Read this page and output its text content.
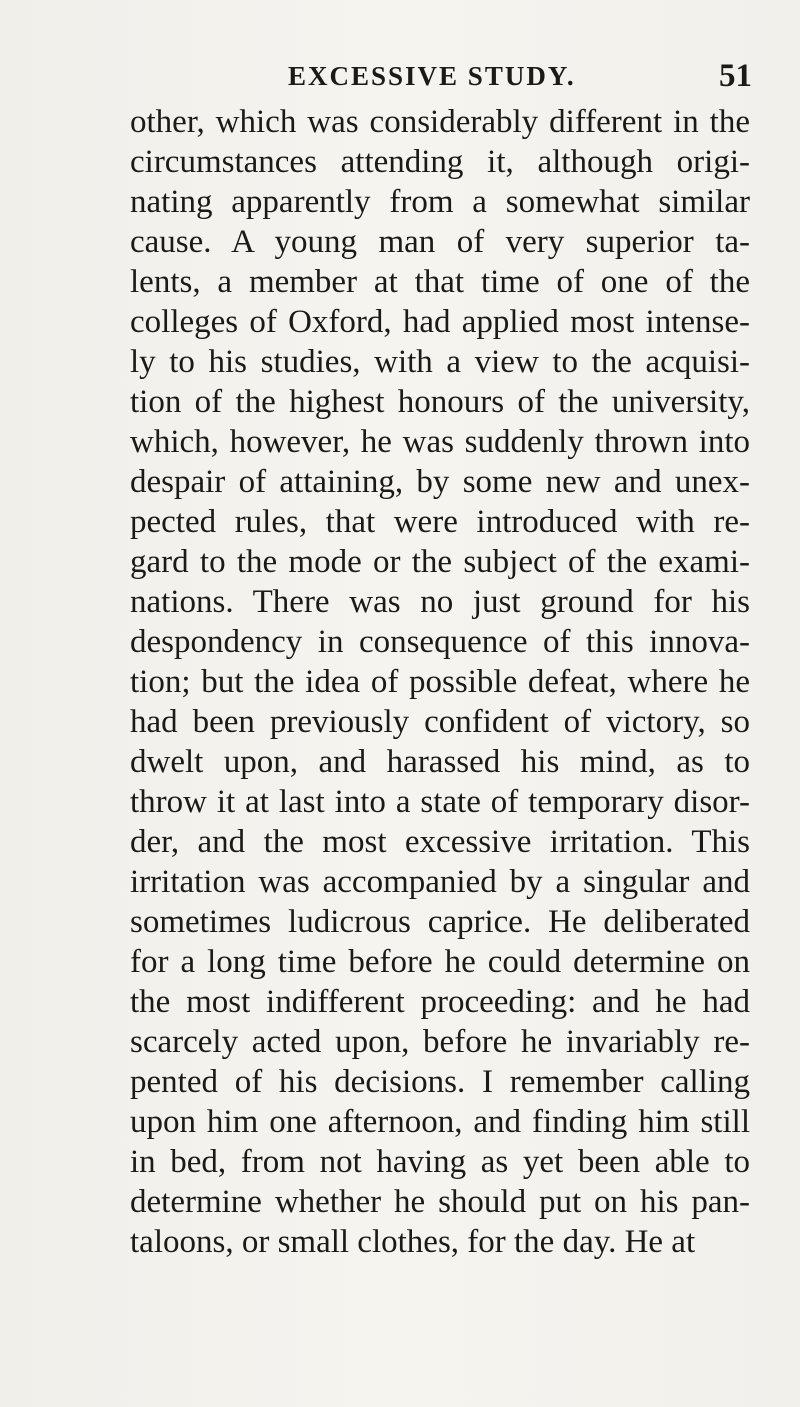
EXCESSIVE STUDY.	51
other, which was considerably different in the
circumstances attending it, although origi-
nating apparently from a somewhat similar
cause. A young man of very superior ta-
lents, a member at that time of one of the
colleges of Oxford, had applied most intense-
ly to his studies, with a view to the acquisi-
tion of the highest honours of the university,
which, however, he was suddenly thrown into
despair of attaining, by some new and unex-
pected rules, that were introduced with re-
gard to the mode or the subject of the exami-
nations. There was no just ground for his
despondency in consequence of this innova-
tion; but the idea of possible defeat, where he
had been previously confident of victory, so
dwelt upon, and harassed his mind, as to
throw it at last into a state of temporary disor-
der, and the most excessive irritation. This
irritation was accompanied by a singular and
sometimes ludicrous caprice. He deliberated
for a long time before he could determine on
the most indifferent proceeding: and he had
scarcely acted upon, before he invariably re-
pented of his decisions. I remember calling
upon him one afternoon, and finding him still
in bed, from not having as yet been able to
determine whether he should put on his pan-
taloons, or small clothes, for the day. He at
